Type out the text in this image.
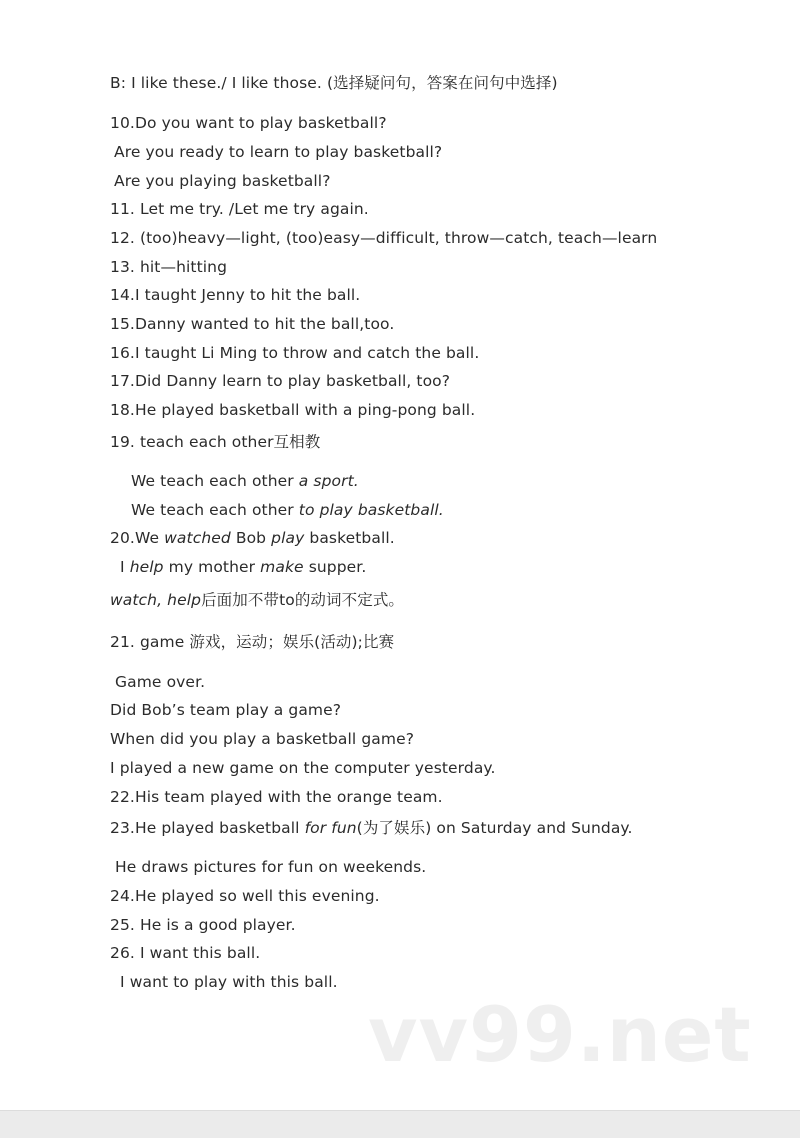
B: I like these./ I like those. (选择疑问句，答案在问句中选择)
10.Do you want to play basketball?
Are you ready to learn to play basketball?
Are you playing basketball?
11. Let me try. /Let me try again.
12. (too)heavy—light, (too)easy—difficult, throw—catch, teach—learn
13. hit—hitting
14.I taught Jenny to hit the ball.
15.Danny wanted to hit the ball,too.
16.I taught Li Ming to throw and catch the ball.
17.Did Danny learn to play basketball, too?
18.He played basketball with a ping-pong ball.
19. teach each other互相教
We teach each other a sport.
We teach each other to play basketball.
20.We watched Bob play basketball.
I help my mother make supper.
watch, help后面加不带to的动词不定式。
21. game 游戏，运动；娱乐(活动);比赛
Game over.
Did Bob’s team play a game?
When did you play a basketball game?
I played a new game on the computer yesterday.
22.His team played with the orange team.
23.He played basketball for fun(为了娱乐) on Saturday and Sunday.
He draws pictures for fun on weekends.
24.He played so well this evening.
25. He is a good player.
26. I want this ball.
I want to play with this ball.
vv99.net
